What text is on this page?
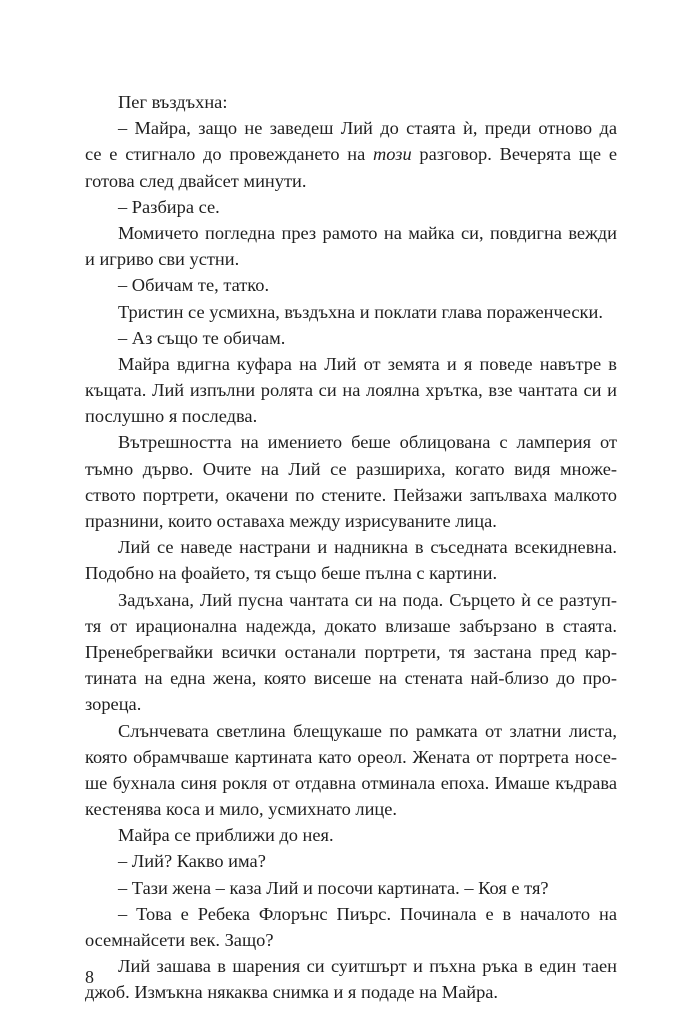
Пег въздъхна:
– Майра, защо не заведеш Лий до стаята ѝ, преди отново да
се е стигнало до провеждането на този разговор. Вечерята ще е
готова след двайсет минути.
– Разбира се.
Момичето погледна през рамото на майка си, повдигна вежди
и игриво сви устни.
– Обичам те, татко.
Тристин се усмихна, въздъхна и поклати глава пораженчески.
– Аз също те обичам.
Майра вдигна куфара на Лий от земята и я поведе навътре в
къщата. Лий изпълни ролята си на лоялна хрътка, взе чантата си и
послушно я последва.
Вътрешността на имението беше облицована с ламперия от
тъмно дърво. Очите на Лий се разшириха, когато видя множе-
ството портрети, окачени по стените. Пейзажи запълваха малкото
празнини, които оставаха между изрисуваните лица.
Лий се наведе настрани и надникна в съседната всекидневна.
Подобно на фоайето, тя също беше пълна с картини.
Задъхана, Лий пусна чантата си на пода. Сърцето ѝ се разтуп-
тя от ирационална надежда, докато влизаше забързано в стаята.
Пренебрегвайки всички останали портрети, тя застана пред кар-
тината на една жена, която висеше на стената най-близо до про-
зореца.
Слънчевата светлина блещукаше по рамката от златни листа,
която обрамчваше картината като ореол. Жената от портрета носе-
ше бухнала синя рокля от отдавна отминала епоха. Имаше къдрава
кестенява коса и мило, усмихнато лице.
Майра се приближи до нея.
– Лий? Какво има?
– Тази жена – каза Лий и посочи картината. – Коя е тя?
– Това е Ребека Флорънс Пиърс. Починала е в началото на
осемнайсети век. Защо?
Лий зашава в шарения си суитшърт и пъхна ръка в един таен
джоб. Измъкна някаква снимка и я подаде на Майра.
8
